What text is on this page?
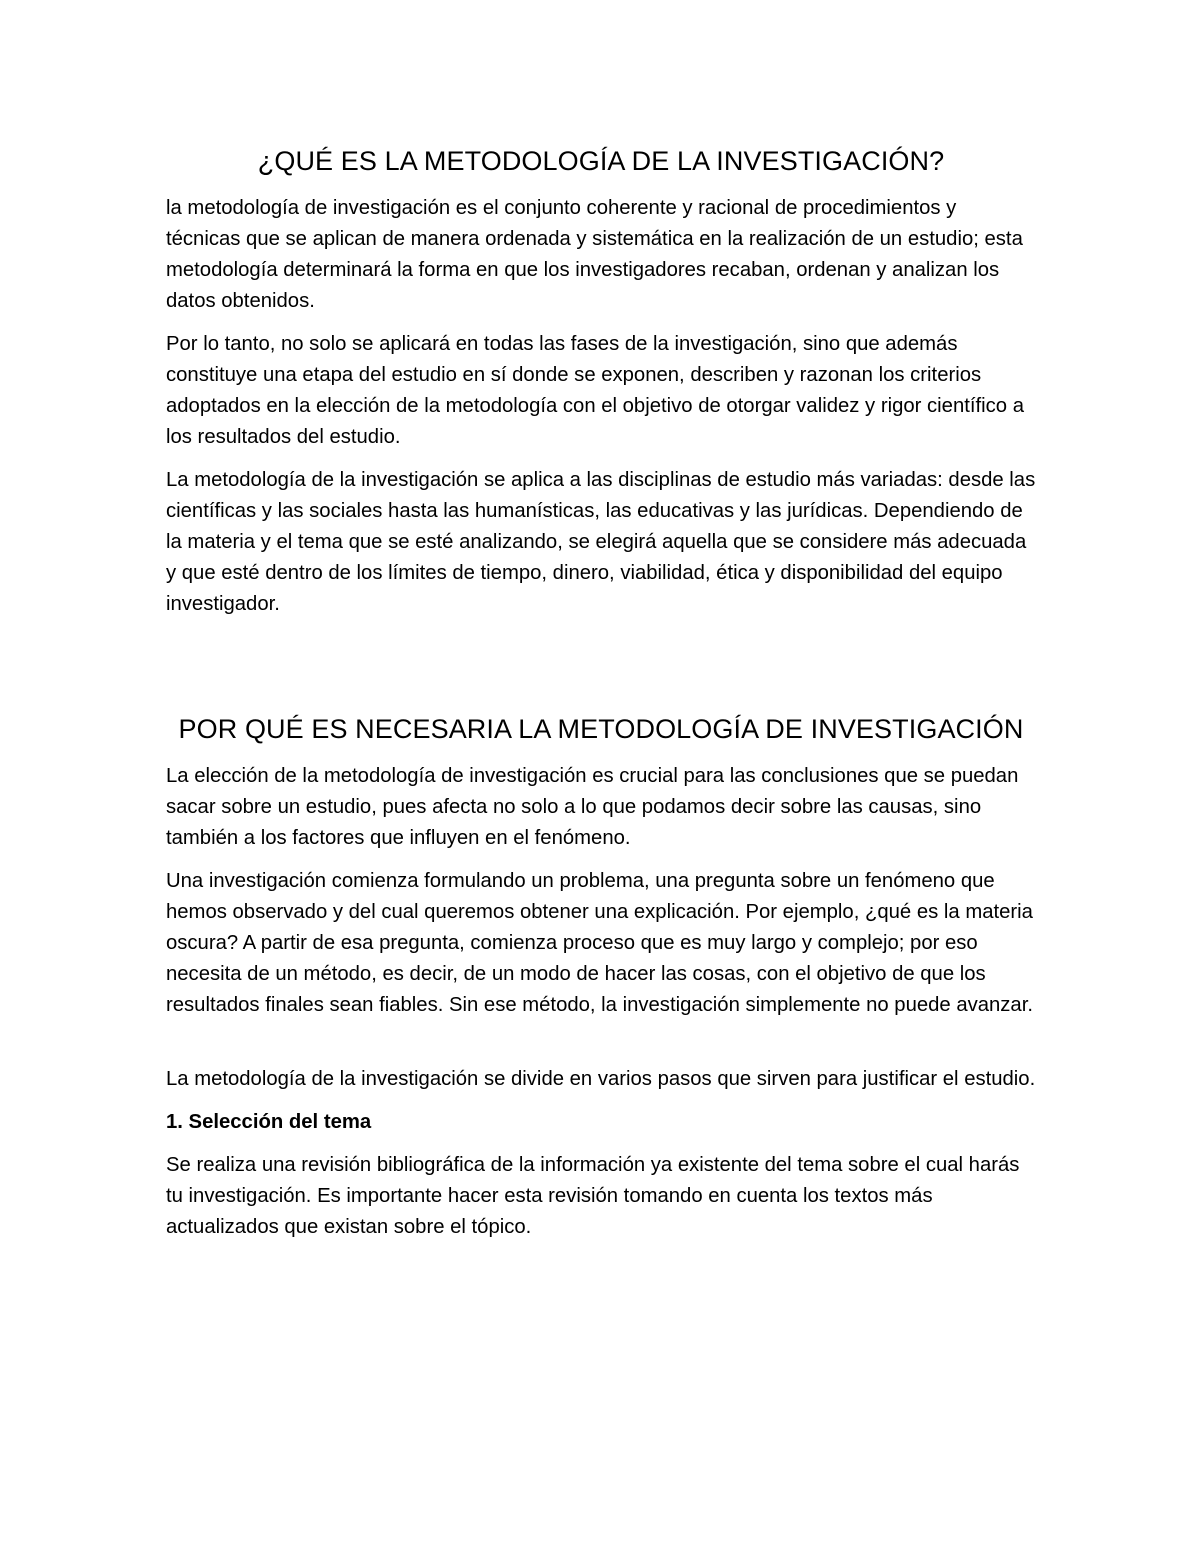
¿QUÉ ES LA METODOLOGÍA DE LA INVESTIGACIÓN?

la metodología de investigación es el conjunto coherente y racional de procedimientos y técnicas que se aplican de manera ordenada y sistemática en la realización de un estudio; esta metodología determinará la forma en que los investigadores recaban, ordenan y analizan los datos obtenidos.

Por lo tanto, no solo se aplicará en todas las fases de la investigación, sino que además constituye una etapa del estudio en sí donde se exponen, describen y razonan los criterios adoptados en la elección de la metodología con el objetivo de otorgar validez y rigor científico a los resultados del estudio.

La metodología de la investigación se aplica a las disciplinas de estudio más variadas: desde las científicas y las sociales hasta las humanísticas, las educativas y las jurídicas. Dependiendo de la materia y el tema que se esté analizando, se elegirá aquella que se considere más adecuada y que esté dentro de los límites de tiempo, dinero, viabilidad, ética y disponibilidad del equipo investigador.

POR QUÉ ES NECESARIA LA METODOLOGÍA DE INVESTIGACIÓN

La elección de la metodología de investigación es crucial para las conclusiones que se puedan sacar sobre un estudio, pues afecta no solo a lo que podamos decir sobre las causas, sino también a los factores que influyen en el fenómeno.

Una investigación comienza formulando un problema, una pregunta sobre un fenómeno que hemos observado y del cual queremos obtener una explicación. Por ejemplo, ¿qué es la materia oscura? A partir de esa pregunta, comienza proceso que es muy largo y complejo; por eso necesita de un método, es decir, de un modo de hacer las cosas, con el objetivo de que los resultados finales sean fiables. Sin ese método, la investigación simplemente no puede avanzar.

La metodología de la investigación se divide en varios pasos que sirven para justificar el estudio.

1. Selección del tema

Se realiza una revisión bibliográfica de la información ya existente del tema sobre el cual harás tu investigación. Es importante hacer esta revisión tomando en cuenta los textos más actualizados que existan sobre el tópico.
